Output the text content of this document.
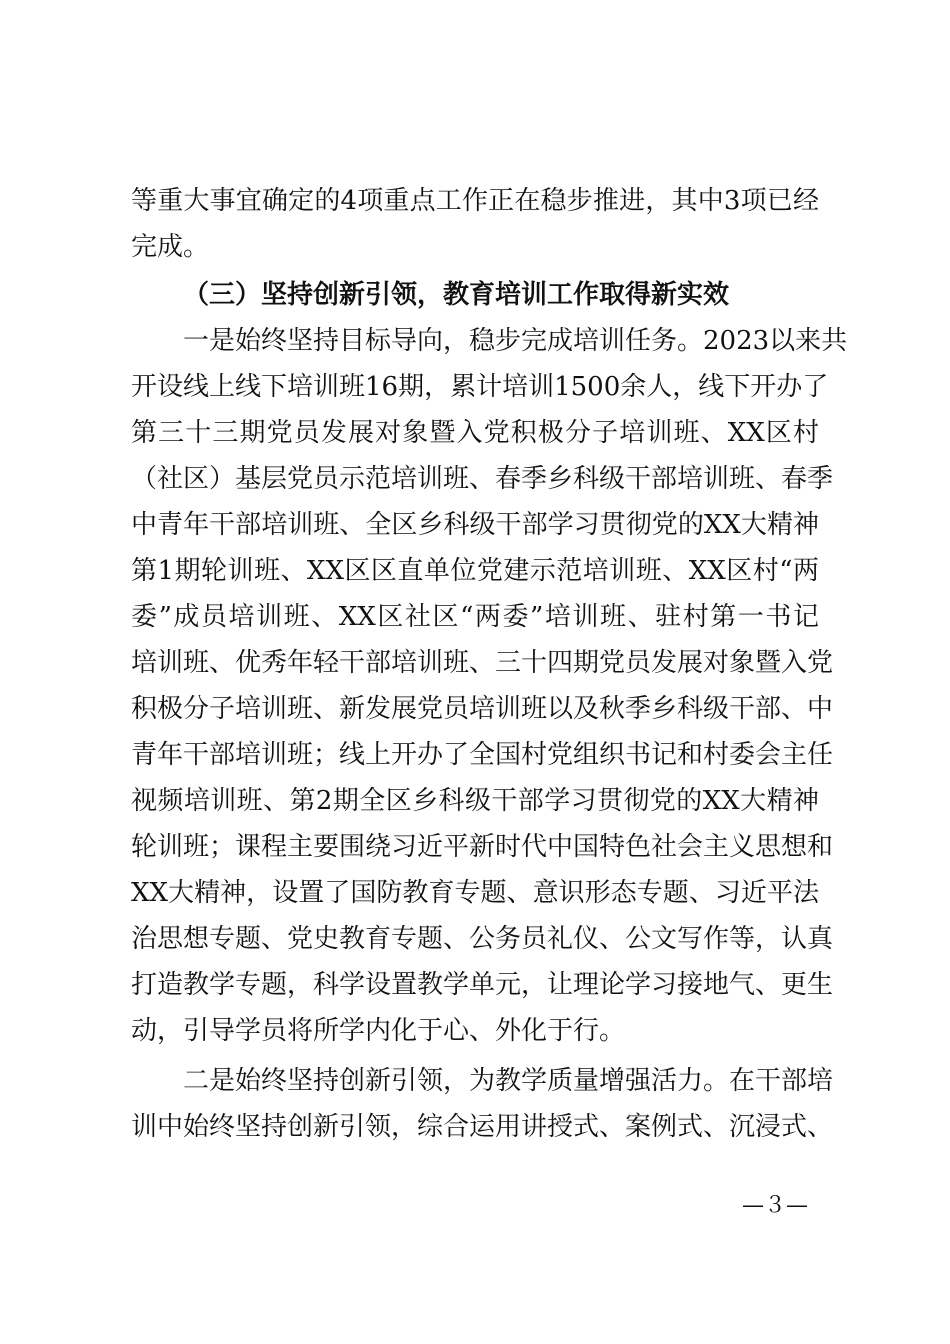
等重大事宜确定的4项重点工作正在稳步推进，其中3项已经
完成。
（三）坚持创新引领，教育培训工作取得新实效
　　一是始终坚持目标导向，稳步完成培训任务。2023以来共
开设线上线下培训班16期，累计培训1500余人，线下开办了
第三十三期党员发展对象暨入党积极分子培训班、XX区村
（社区）基层党员示范培训班、春季乡科级干部培训班、春季
中青年干部培训班、全区乡科级干部学习贯彻党的XX大精神
第1期轮训班、XX区区直单位党建示范培训班、XX区村“两
委”成员培训班、XX区社区“两委”培训班、驻村第一书记
培训班、优秀年轻干部培训班、三十四期党员发展对象暨入党
积极分子培训班、新发展党员培训班以及秋季乡科级干部、中
青年干部培训班；线上开办了全国村党组织书记和村委会主任
视频培训班、第2期全区乡科级干部学习贯彻党的XX大精神
轮训班；课程主要围绕习近平新时代中国特色社会主义思想和
XX大精神，设置了国防教育专题、意识形态专题、习近平法
治思想专题、党史教育专题、公务员礼仪、公文写作等，认真
打造教学专题，科学设置教学单元，让理论学习接地气、更生
动，引导学员将所学内化于心、外化于行。
　　二是始终坚持创新引领，为教学质量增强活力。在干部培
训中始终坚持创新引领，综合运用讲授式、案例式、沉浸式、
—３—
